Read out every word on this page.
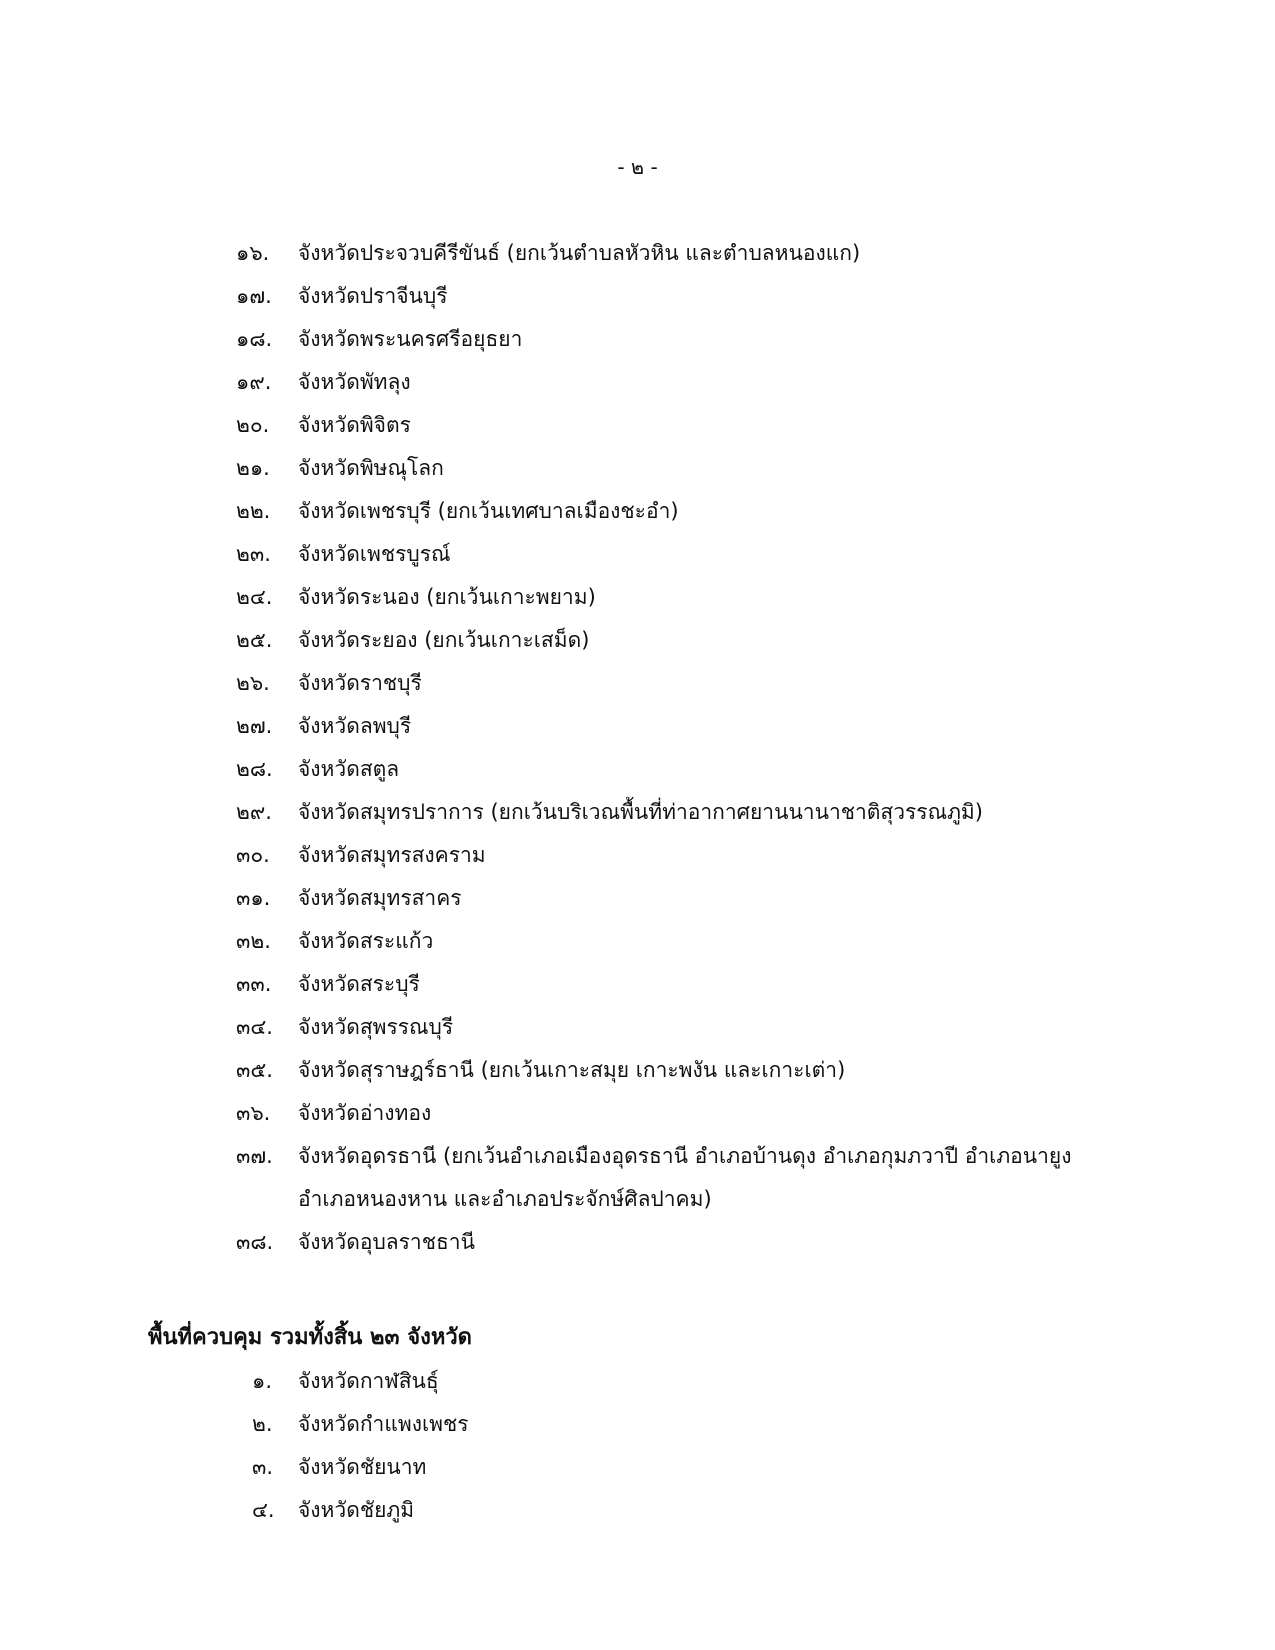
- ๒ -
๑๖. จังหวัดประจวบคีรีขันธ์ (ยกเว้นตำบลหัวหิน และตำบลหนองแก)
๑๗. จังหวัดปราจีนบุรี
๑๘. จังหวัดพระนครศรีอยุธยา
๑๙. จังหวัดพัทลุง
๒๐. จังหวัดพิจิตร
๒๑. จังหวัดพิษณุโลก
๒๒. จังหวัดเพชรบุรี (ยกเว้นเทศบาลเมืองชะอำ)
๒๓. จังหวัดเพชรบูรณ์
๒๔. จังหวัดระนอง (ยกเว้นเกาะพยาม)
๒๕. จังหวัดระยอง (ยกเว้นเกาะเสม็ด)
๒๖. จังหวัดราชบุรี
๒๗. จังหวัดลพบุรี
๒๘. จังหวัดสตูล
๒๙. จังหวัดสมุทรปราการ (ยกเว้นบริเวณพื้นที่ท่าอากาศยานนานาชาติสุวรรณภูมิ)
๓๐. จังหวัดสมุทรสงคราม
๓๑. จังหวัดสมุทรสาคร
๓๒. จังหวัดสระแก้ว
๓๓. จังหวัดสระบุรี
๓๔. จังหวัดสุพรรณบุรี
๓๕. จังหวัดสุราษฎร์ธานี (ยกเว้นเกาะสมุย เกาะพงัน และเกาะเต่า)
๓๖. จังหวัดอ่างทอง
๓๗. จังหวัดอุดรธานี (ยกเว้นอำเภอเมืองอุดรธานี อำเภอบ้านดุง อำเภอกุมภวาปี อำเภอนายูง
อำเภอหนองหาน และอำเภอประจักษ์ศิลปาคม)
๓๘. จังหวัดอุบลราชธานี
พื้นที่ควบคุม รวมทั้งสิ้น ๒๓ จังหวัด
๑. จังหวัดกาฬสินธุ์
๒. จังหวัดกำแพงเพชร
๓. จังหวัดชัยนาท
๔. จังหวัดชัยภูมิ
